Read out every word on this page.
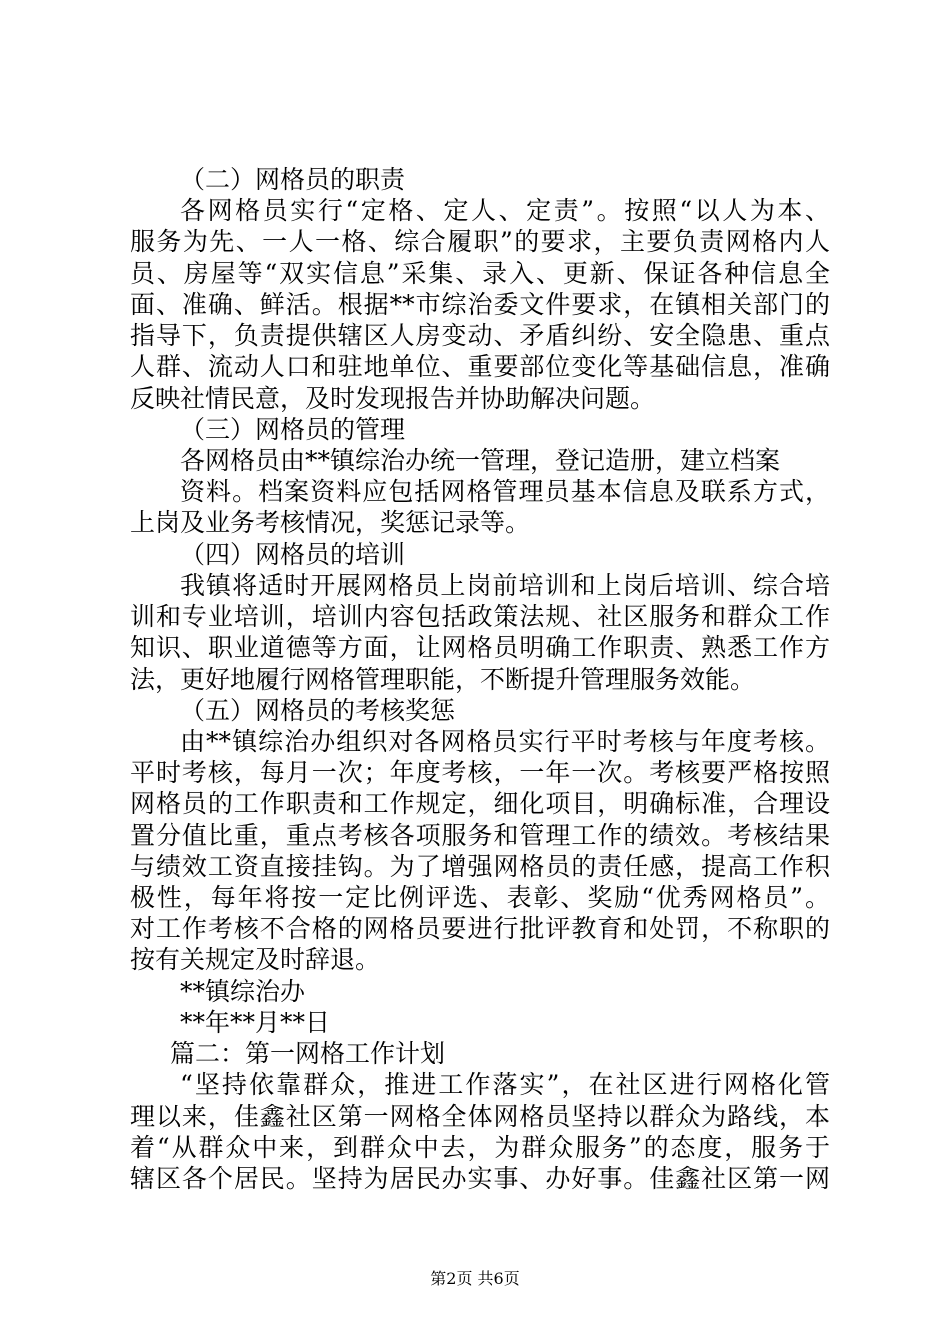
（二）网格员的职责
各网格员实行“定格、定人、定责”。按照“以人为本、
服务为先、一人一格、综合履职”的要求，主要负责网格内人
员、房屋等“双实信息”采集、录入、更新、保证各种信息全
面、准确、鲜活。根据**市综治委文件要求，在镇相关部门的
指导下，负责提供辖区人房变动、矛盾纠纷、安全隐患、重点
人群、流动人口和驻地单位、重要部位变化等基础信息，准确
反映社情民意，及时发现报告并协助解决问题。
（三）网格员的管理
各网格员由**镇综治办统一管理，登记造册，建立档案
资料。档案资料应包括网格管理员基本信息及联系方式，
上岗及业务考核情况，奖惩记录等。
（四）网格员的培训
我镇将适时开展网格员上岗前培训和上岗后培训、综合培
训和专业培训，培训内容包括政策法规、社区服务和群众工作
知识、职业道德等方面，让网格员明确工作职责、熟悉工作方
法，更好地履行网格管理职能，不断提升管理服务效能。
（五）网格员的考核奖惩
由**镇综治办组织对各网格员实行平时考核与年度考核。
平时考核，每月一次；年度考核，一年一次。考核要严格按照
网格员的工作职责和工作规定，细化项目，明确标准，合理设
置分值比重，重点考核各项服务和管理工作的绩效。考核结果
与绩效工资直接挂钩。为了增强网格员的责任感，提高工作积
极性，每年将按一定比例评选、表彰、奖励“优秀网格员”。
对工作考核不合格的网格员要进行批评教育和处罚，不称职的
按有关规定及时辞退。
**镇综治办
**年**月**日
篇二：第一网格工作计划
“坚持依靠群众，推进工作落实”，在社区进行网格化管
理以来，佳鑫社区第一网格全体网格员坚持以群众为路线，本
着“从群众中来，到群众中去，为群众服务”的态度，服务于
辖区各个居民。坚持为居民办实事、办好事。佳鑫社区第一网
第2页 共6页
